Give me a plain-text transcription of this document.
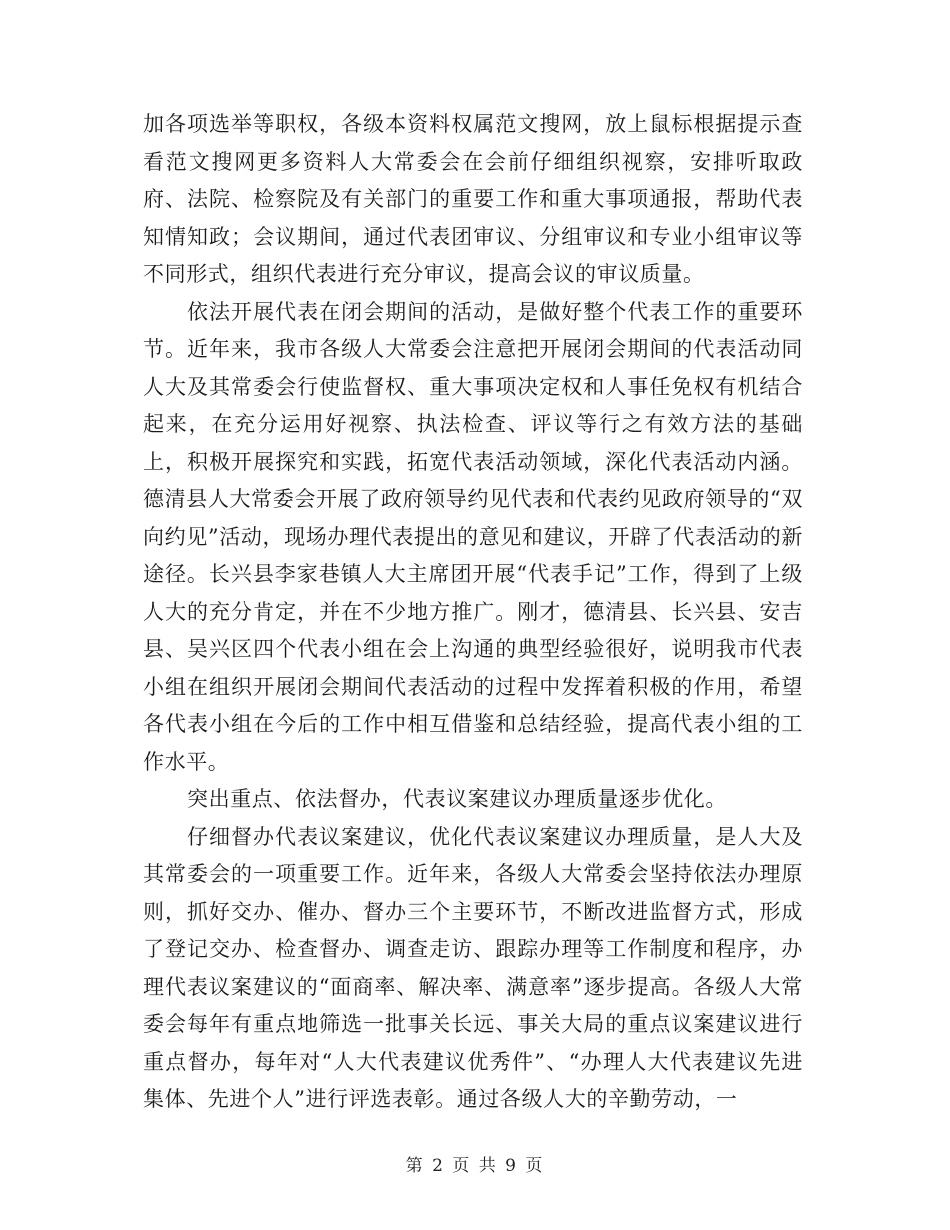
加各项选举等职权，各级本资料权属范文搜网，放上鼠标根据提示查看范文搜网更多资料人大常委会在会前仔细组织视察，安排听取政府、法院、检察院及有关部门的重要工作和重大事项通报，帮助代表知情知政；会议期间，通过代表团审议、分组审议和专业小组审议等不同形式，组织代表进行充分审议，提高会议的审议质量。

依法开展代表在闭会期间的活动，是做好整个代表工作的重要环节。近年来，我市各级人大常委会注意把开展闭会期间的代表活动同人大及其常委会行使监督权、重大事项决定权和人事任免权有机结合起来，在充分运用好视察、执法检查、评议等行之有效方法的基础上，积极开展探究和实践，拓宽代表活动领域，深化代表活动内涵。德清县人大常委会开展了政府领导约见代表和代表约见政府领导的“双向约见”活动，现场办理代表提出的意见和建议，开辟了代表活动的新途径。长兴县李家巷镇人大主席团开展“代表手记”工作，得到了上级人大的充分肯定，并在不少地方推广。刚才，德清县、长兴县、安吉县、吴兴区四个代表小组在会上沟通的典型经验很好，说明我市代表小组在组织开展闭会期间代表活动的过程中发挥着积极的作用，希望各代表小组在今后的工作中相互借鉴和总结经验，提高代表小组的工作水平。

突出重点、依法督办，代表议案建议办理质量逐步优化。

仔细督办代表议案建议，优化代表议案建议办理质量，是人大及其常委会的一项重要工作。近年来，各级人大常委会坚持依法办理原则，抓好交办、催办、督办三个主要环节，不断改进监督方式，形成了登记交办、检查督办、调查走访、跟踪办理等工作制度和程序，办理代表议案建议的“面商率、解决率、满意率”逐步提高。各级人大常委会每年有重点地筛选一批事关长远、事关大局的重点议案建议进行重点督办，每年对“人大代表建议优秀件”、“办理人大代表建议先进集体、先进个人”进行评选表彰。通过各级人大的辛勤劳动，一

第 2 页 共 9 页
